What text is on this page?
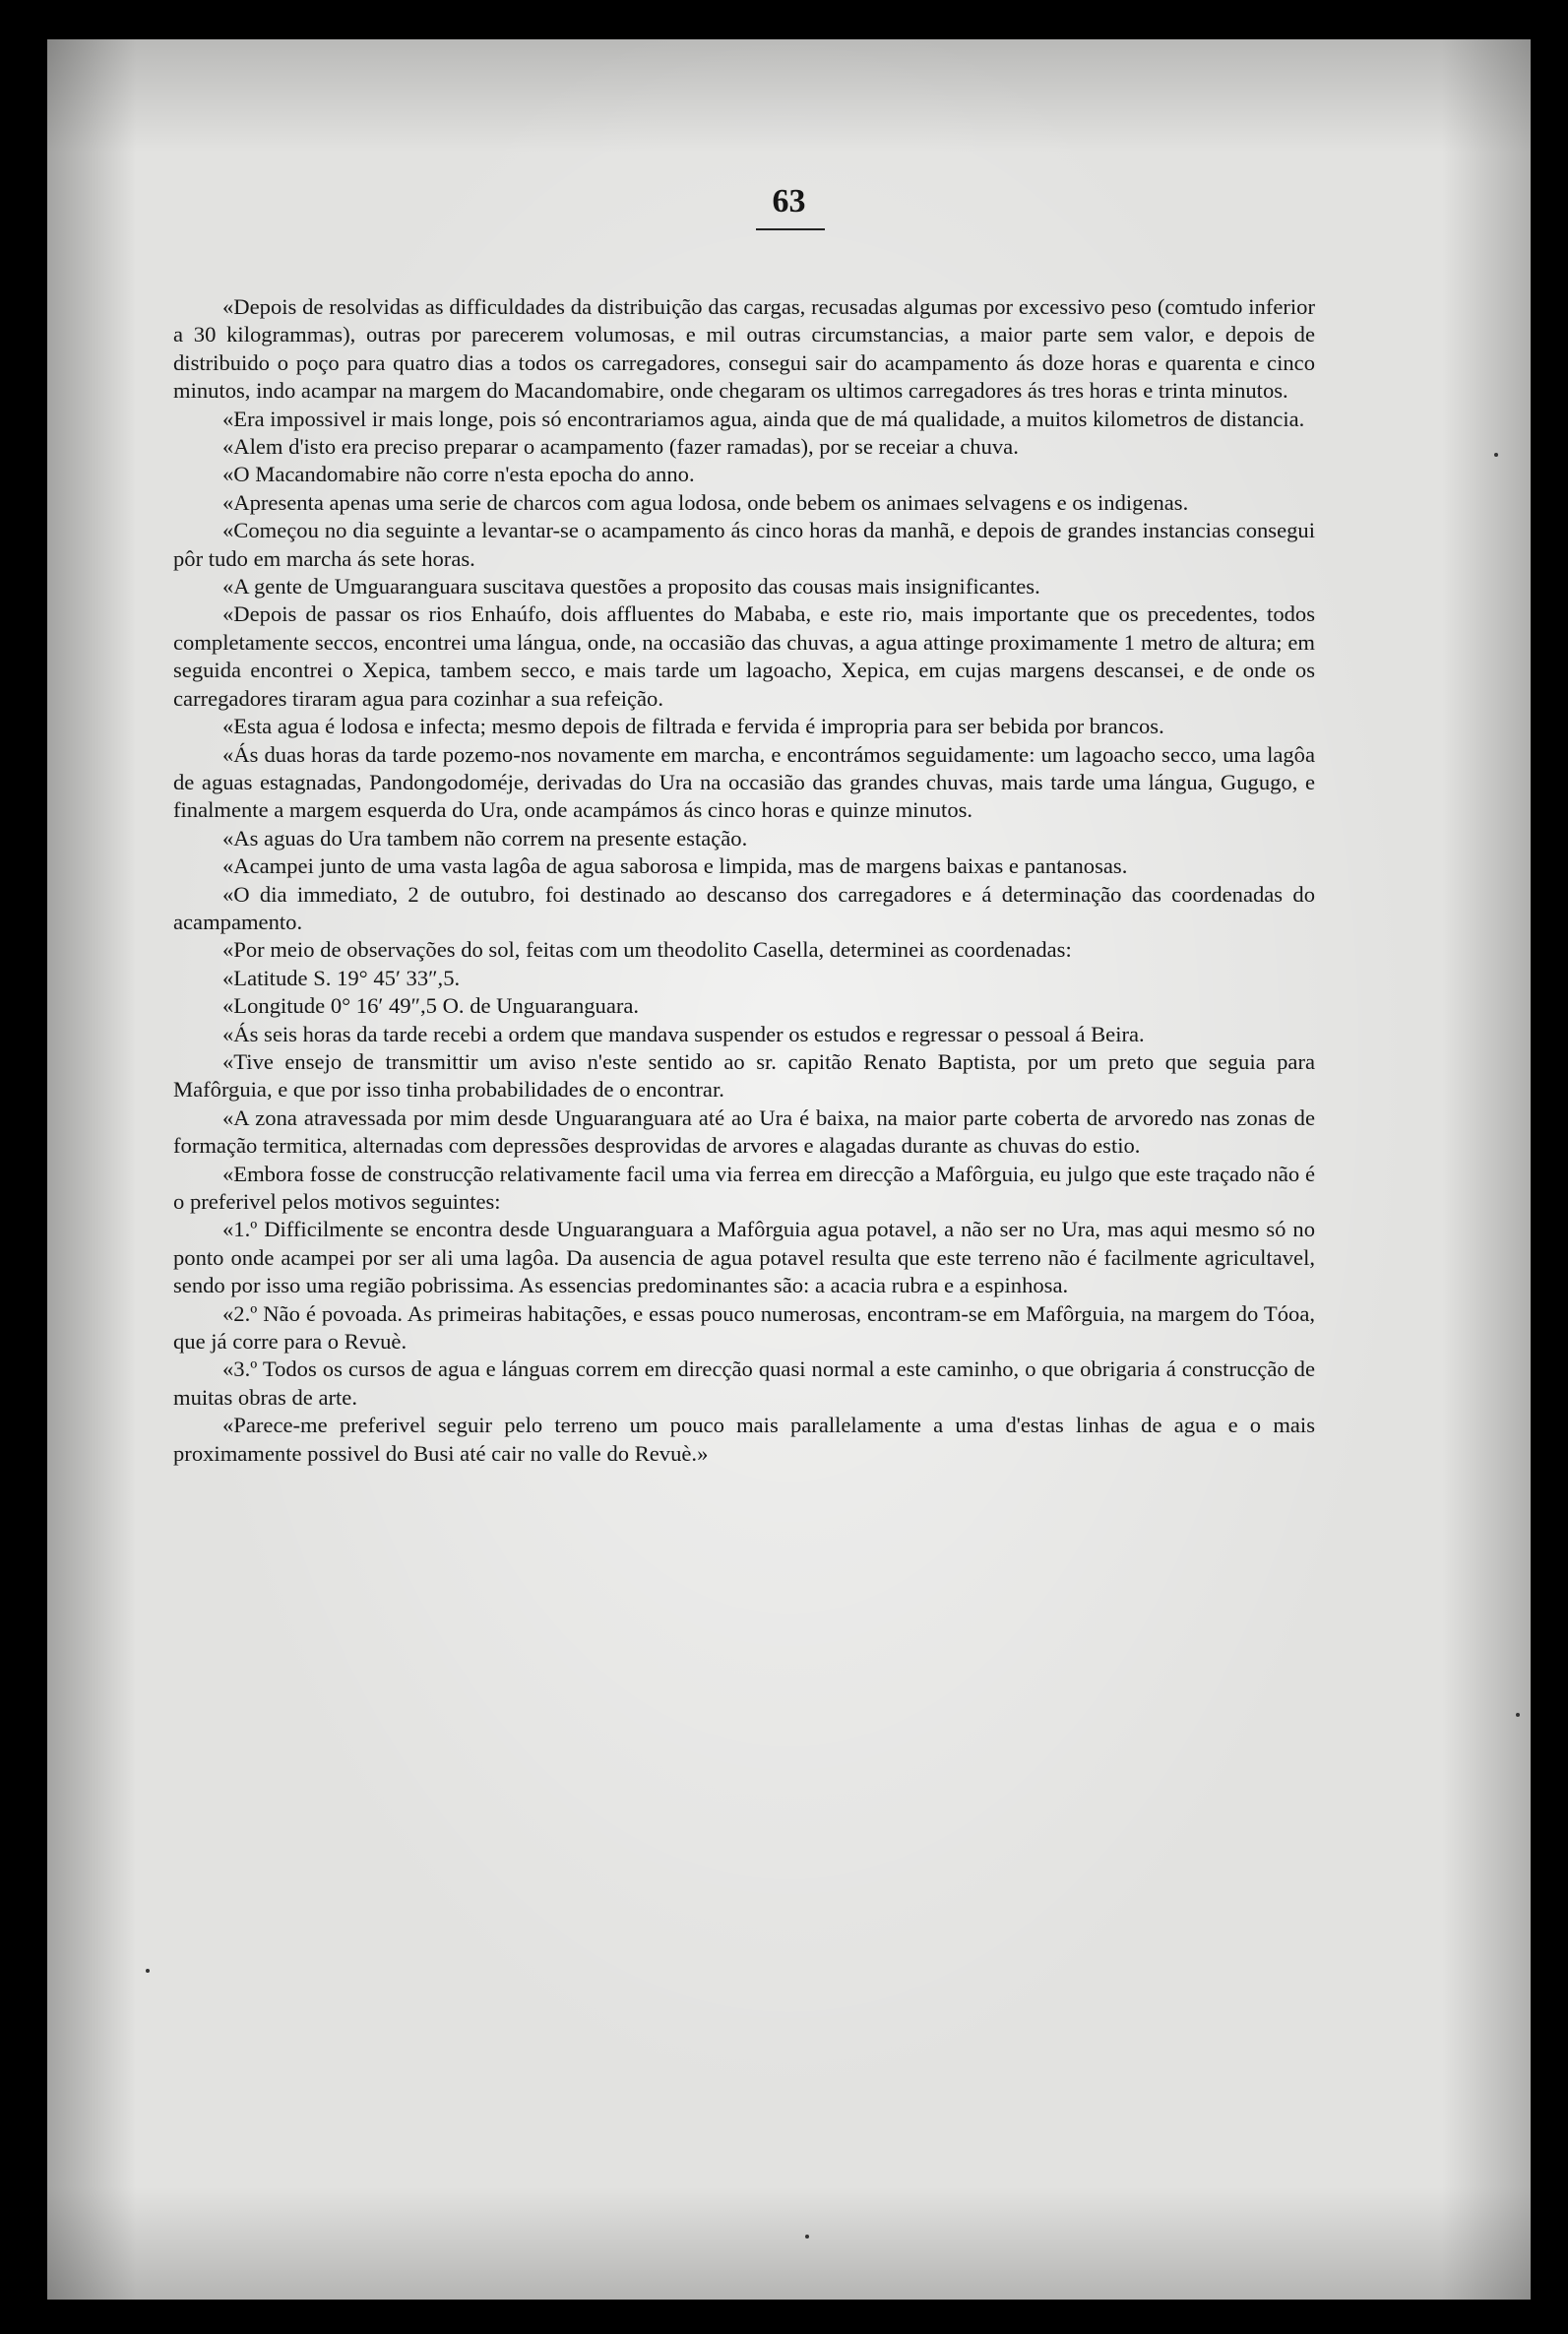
63

«Depois de resolvidas as difficuldades da distribuição das cargas, recusadas algumas por excessivo peso (comtudo inferior a 30 kilogrammas), outras por parecerem volumosas, e mil outras circumstancias, a maior parte sem valor, e depois de distribuido o poço para quatro dias a todos os carregadores, consegui sair do acampamento ás doze horas e quarenta e cinco minutos, indo acampar na margem do Macandomabire, onde chegaram os ultimos carregadores ás tres horas e trinta minutos.

«Era impossivel ir mais longe, pois só encontrariamos agua, ainda que de má qualidade, a muitos kilometros de distancia.

«Alem d'isto era preciso preparar o acampamento (fazer ramadas), por se receiar a chuva.

«O Macandomabire não corre n'esta epocha do anno.

«Apresenta apenas uma serie de charcos com agua lodosa, onde bebem os animaes selvagens e os indigenas.

«Começou no dia seguinte a levantar-se o acampamento ás cinco horas da manhã, e depois de grandes instancias consegui pôr tudo em marcha ás sete horas.

«A gente de Umguaranguara suscitava questões a proposito das cousas mais insignificantes.

«Depois de passar os rios Enhaúfo, dois affluentes do Mababa, e este rio, mais importante que os precedentes, todos completamente seccos, encontrei uma lángua, onde, na occasião das chuvas, a agua attinge proximamente 1 metro de altura; em seguida encontrei o Xepica, tambem secco, e mais tarde um lagoacho, Xepica, em cujas margens descansei, e de onde os carregadores tiraram agua para cozinhar a sua refeição.

«Esta agua é lodosa e infecta; mesmo depois de filtrada e fervida é impropria para ser bebida por brancos.

«Ás duas horas da tarde pozemo-nos novamente em marcha, e encontrámos seguidamente: um lagoacho secco, uma lagôa de aguas estagnadas, Pandongodoméje, derivadas do Ura na occasião das grandes chuvas, mais tarde uma lángua, Gugugo, e finalmente a margem esquerda do Ura, onde acampámos ás cinco horas e quinze minutos.

«As aguas do Ura tambem não correm na presente estação.

«Acampei junto de uma vasta lagôa de agua saborosa e limpida, mas de margens baixas e pantanosas.

«O dia immediato, 2 de outubro, foi destinado ao descanso dos carregadores e á determinação das coordenadas do acampamento.

«Por meio de observações do sol, feitas com um theodolito Casella, determinei as coordenadas:

«Latitude S. 19° 45′ 33″,5.

«Longitude 0° 16′ 49″,5 O. de Unguaranguara.

«Ás seis horas da tarde recebi a ordem que mandava suspender os estudos e regressar o pessoal á Beira.

«Tive ensejo de transmittir um aviso n'este sentido ao sr. capitão Renato Baptista, por um preto que seguia para Mafôrguia, e que por isso tinha probabilidades de o encontrar.

«A zona atravessada por mim desde Unguaranguara até ao Ura é baixa, na maior parte coberta de arvoredo nas zonas de formação termitica, alternadas com depressões desprovidas de arvores e alagadas durante as chuvas do estio.

«Embora fosse de construcção relativamente facil uma via ferrea em direcção a Mafôrguia, eu julgo que este traçado não é o preferivel pelos motivos seguintes:

«1.º Difficilmente se encontra desde Unguaranguara a Mafôrguia agua potavel, a não ser no Ura, mas aqui mesmo só no ponto onde acampei por ser ali uma lagôa. Da ausencia de agua potavel resulta que este terreno não é facilmente agricultavel, sendo por isso uma região pobrissima. As essencias predominantes são: a acacia rubra e a espinhosa.

«2.º Não é povoada. As primeiras habitações, e essas pouco numerosas, encontram-se em Mafôrguia, na margem do Tóoa, que já corre para o Revuè.

«3.º Todos os cursos de agua e lánguas correm em direcção quasi normal a este caminho, o que obrigaria á construcção de muitas obras de arte.

«Parece-me preferivel seguir pelo terreno um pouco mais parallelamente a uma d'estas linhas de agua e o mais proximamente possivel do Busi até cair no valle do Revuè.»
